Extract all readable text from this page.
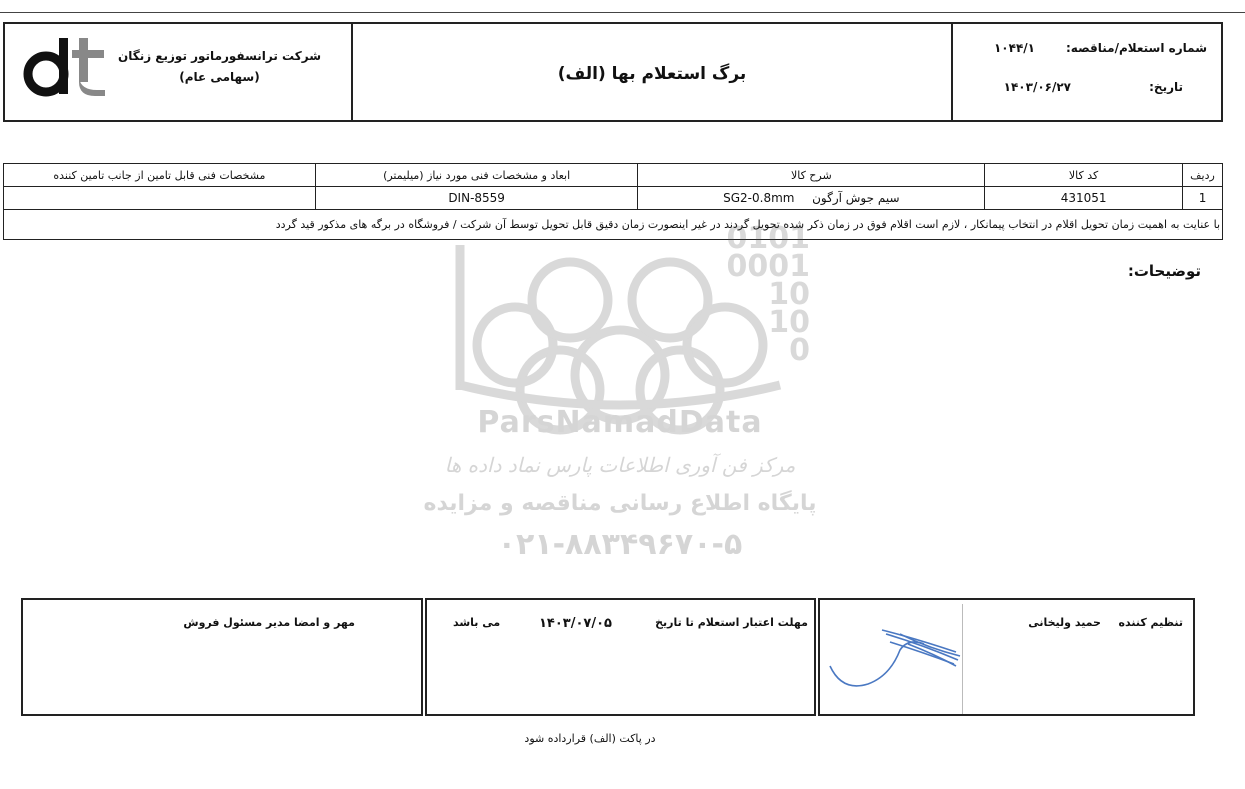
شماره استعلام/مناقصه:
۱۰۴۴/۱
تاریخ:
۱۴۰۳/۰۶/۲۷
برگ استعلام بها (الف)
شرکت ترانسفورماتور توزیع زنگان
(سهامی عام)
ردیف	کد کالا	شرح کالا	ابعاد و مشخصات فنی مورد نیاز (میلیمتر)	مشخصات فنی قابل تامین از جانب تامین کننده
1	431051	سیم جوش آرگون  SG2-0.8mm	DIN-8559	
با عنایت به اهمیت زمان تحویل اقلام در انتخاب پیمانکار ، لازم است اقلام فوق در زمان ذکر شده تحویل گردند در غیر اینصورت زمان دقیق قابل تحویل توسط آن شرکت / فروشگاه در برگه های مذکور قید گردد				
توضیحات:
0101
0001
10
10
0
ParsNamadData
مرکز فن آوری اطلاعات پارس نماد داده ها
پایگاه اطلاع رسانی مناقصه و مزایده
۰۲۱-۸۸۳۴۹۶۷۰-۵
تنظیم کننده
حمید ولیخانی
مهلت اعتبار استعلام تا تاریخ
۱۴۰۳/۰۷/۰۵
می باشد
مهر و امضا مدیر مسئول فروش
در پاکت (الف) قرارداده شود
